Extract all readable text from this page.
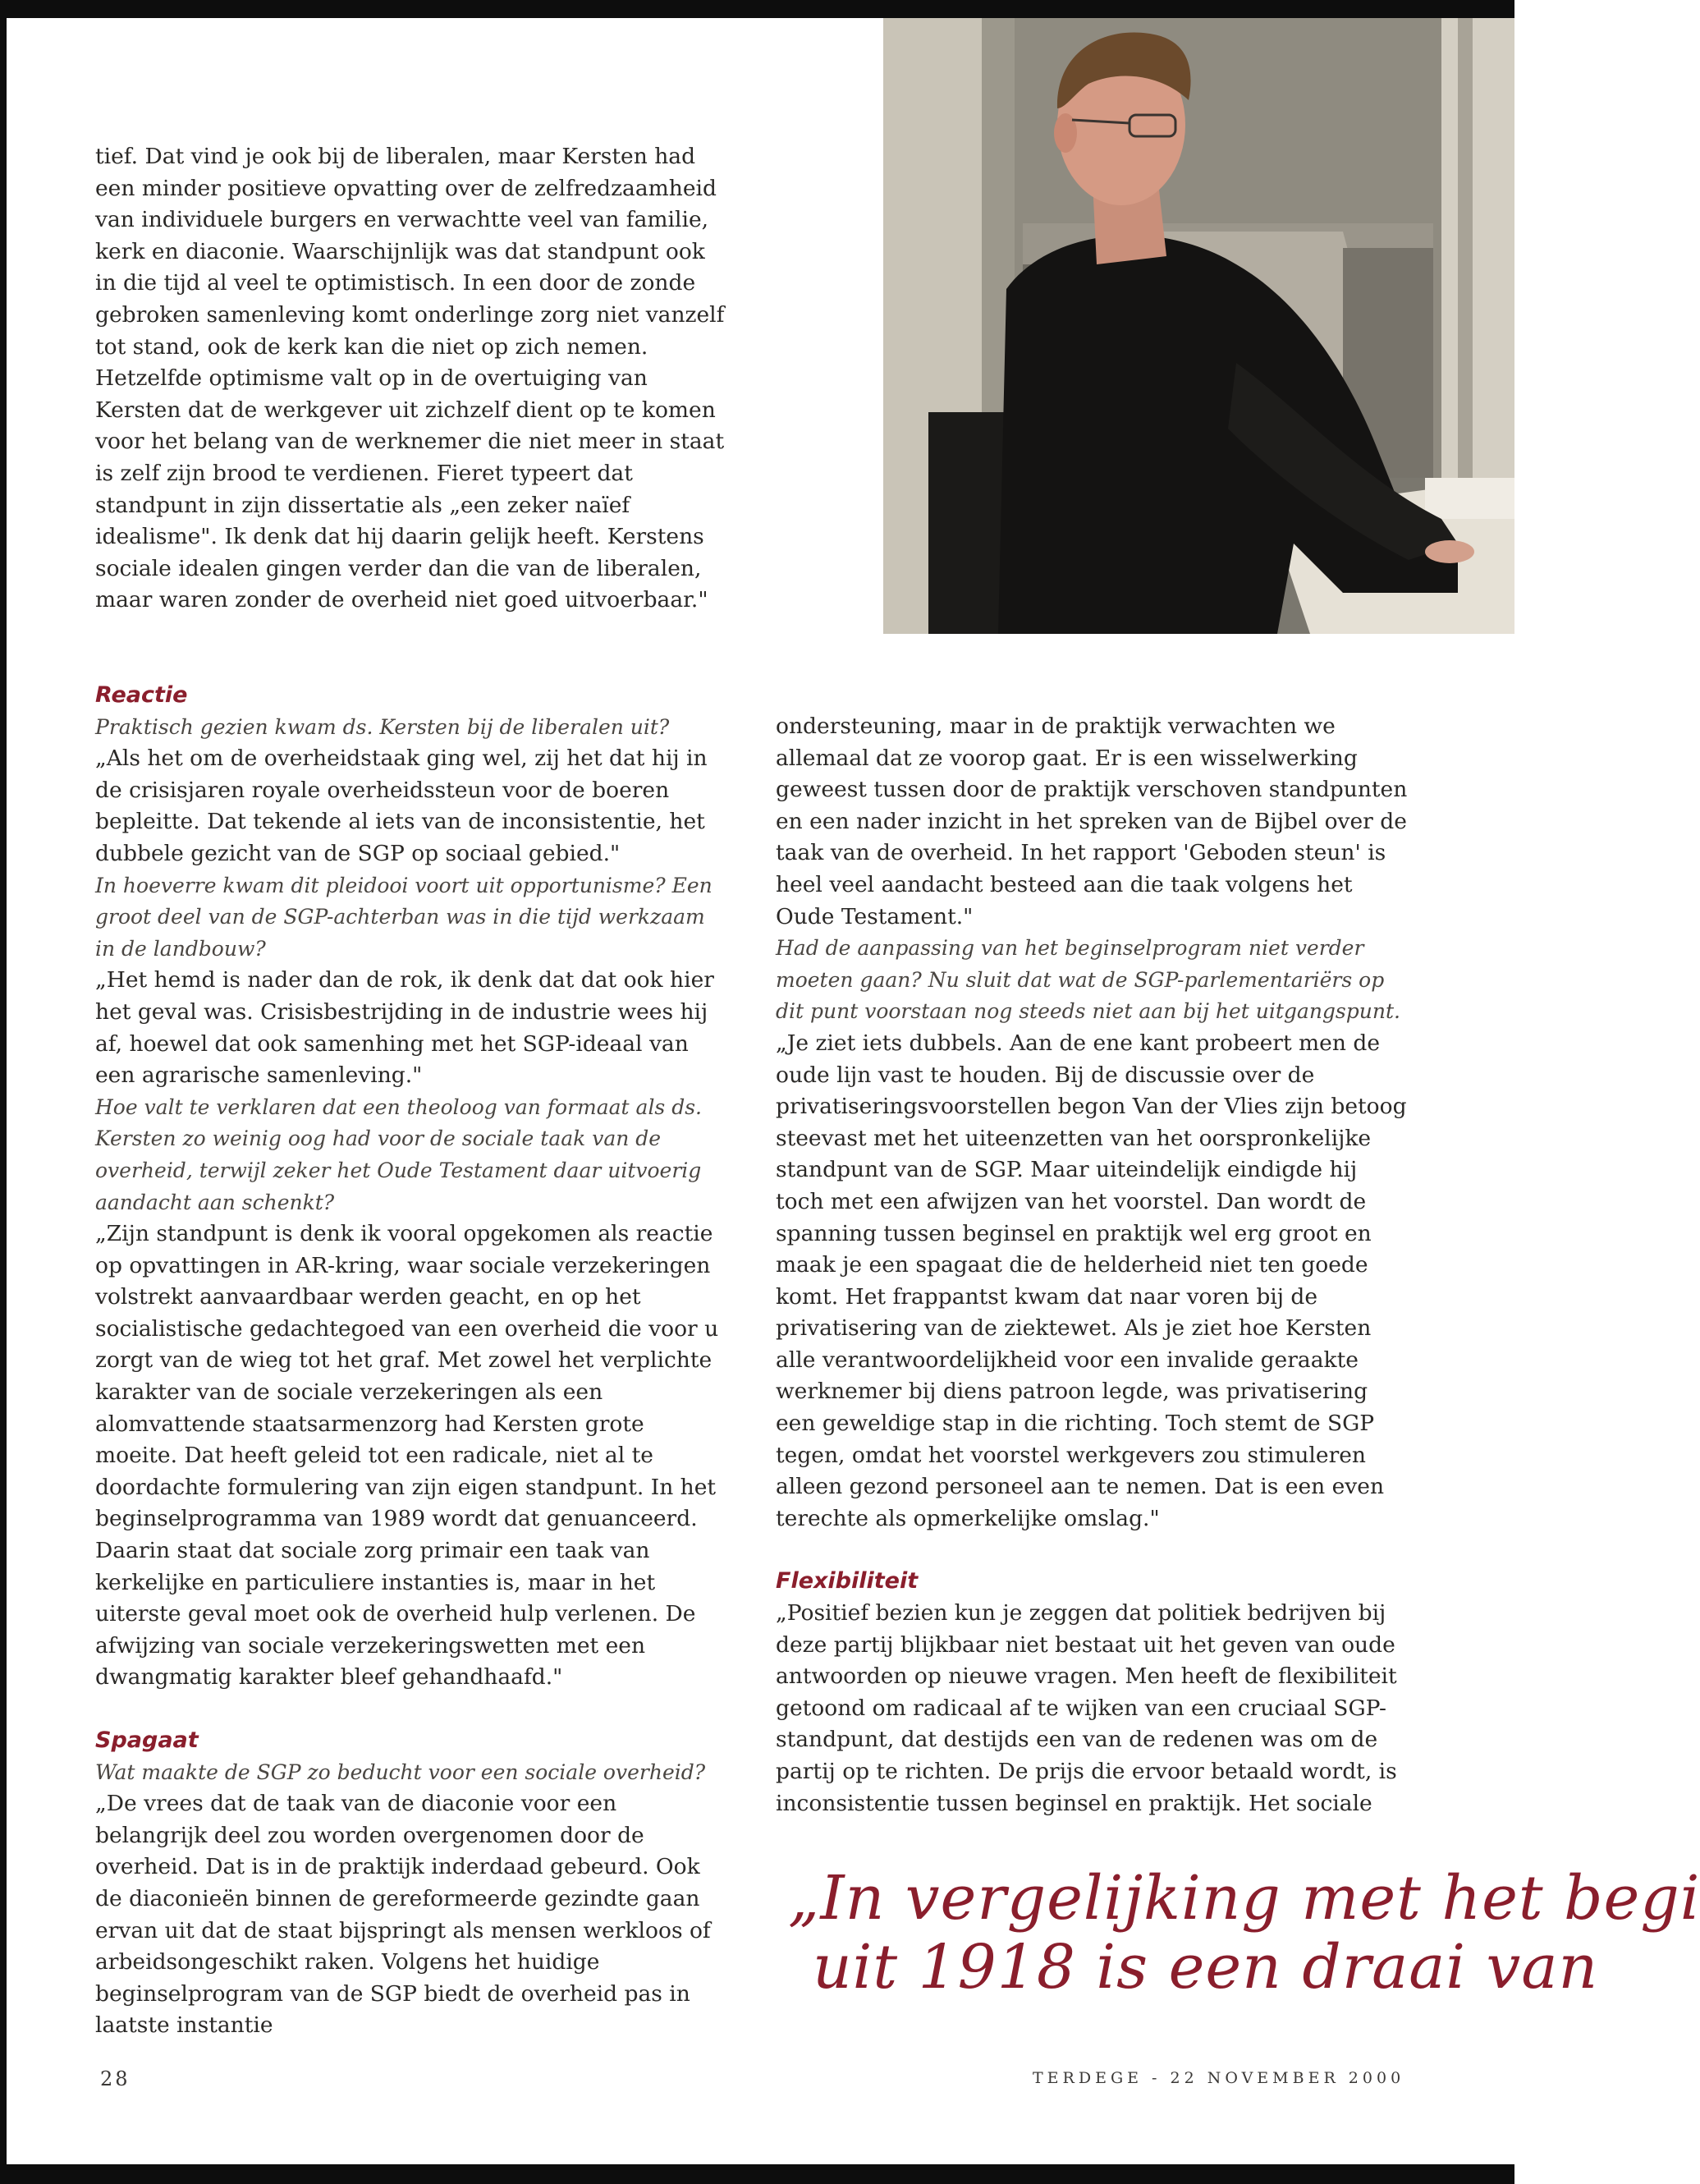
tief. Dat vind je ook bij de liberalen, maar Kersten had een minder positieve opvatting over de zelfredzaamheid van individuele burgers en verwachtte veel van familie, kerk en diaconie. Waarschijnlijk was dat standpunt ook in die tijd al veel te optimistisch. In een door de zonde gebroken samenleving komt onderlinge zorg niet vanzelf tot stand, ook de kerk kan die niet op zich nemen. Hetzelfde optimisme valt op in de overtuiging van Kersten dat de werkgever uit zichzelf dient op te komen voor het belang van de werknemer die niet meer in staat is zelf zijn brood te verdienen. Fieret typeert dat standpunt in zijn dissertatie als „een zeker naïef idealisme". Ik denk dat hij daarin gelijk heeft. Kerstens sociale idealen gingen verder dan die van de liberalen, maar waren zonder de overheid niet goed uitvoerbaar."

Reactie

Praktisch gezien kwam ds. Kersten bij de liberalen uit?

„Als het om de overheidstaak ging wel, zij het dat hij in de crisisjaren royale overheidssteun voor de boeren bepleitte. Dat tekende al iets van de inconsistentie, het dubbele gezicht van de SGP op sociaal gebied."

In hoeverre kwam dit pleidooi voort uit opportunisme? Een groot deel van de SGP-achterban was in die tijd werkzaam in de landbouw?

„Het hemd is nader dan de rok, ik denk dat dat ook hier het geval was. Crisisbestrijding in de industrie wees hij af, hoewel dat ook samenhing met het SGP-ideaal van een agrarische samenleving."

Hoe valt te verklaren dat een theoloog van formaat als ds. Kersten zo weinig oog had voor de sociale taak van de overheid, terwijl zeker het Oude Testament daar uitvoerig aandacht aan schenkt?

„Zijn standpunt is denk ik vooral opgekomen als reactie op opvattingen in AR-kring, waar sociale verzekeringen volstrekt aanvaardbaar werden geacht, en op het socialistische gedachtegoed van een overheid die voor u zorgt van de wieg tot het graf. Met zowel het verplichte karakter van de sociale verzekeringen als een alomvattende staatsarmenzorg had Kersten grote moeite. Dat heeft geleid tot een radicale, niet al te doordachte formulering van zijn eigen standpunt. In het beginselprogramma van 1989 wordt dat genuanceerd. Daarin staat dat sociale zorg primair een taak van kerkelijke en particuliere instanties is, maar in het uiterste geval moet ook de overheid hulp verlenen. De afwijzing van sociale verzekeringswetten met een dwangmatig karakter bleef gehandhaafd."

Spagaat

Wat maakte de SGP zo beducht voor een sociale overheid?

„De vrees dat de taak van de diaconie voor een belangrijk deel zou worden overgenomen door de overheid. Dat is in de praktijk inderdaad gebeurd. Ook de diaconieën binnen de gereformeerde gezindte gaan ervan uit dat de staat bijspringt als mensen werkloos of arbeidsongeschikt raken. Volgens het huidige beginselprogram van de SGP biedt de overheid pas in laatste instantie

ondersteuning, maar in de praktijk verwachten we allemaal dat ze voorop gaat. Er is een wisselwerking geweest tussen door de praktijk verschoven standpunten en een nader inzicht in het spreken van de Bijbel over de taak van de overheid. In het rapport 'Geboden steun' is heel veel aandacht besteed aan die taak volgens het Oude Testament."

Had de aanpassing van het beginselprogram niet verder moeten gaan? Nu sluit dat wat de SGP-parlementariërs op dit punt voorstaan nog steeds niet aan bij het uitgangspunt.

„Je ziet iets dubbels. Aan de ene kant probeert men de oude lijn vast te houden. Bij de discussie over de privatiseringsvoorstellen begon Van der Vlies zijn betoog steevast met het uiteenzetten van het oorspronkelijke standpunt van de SGP. Maar uiteindelijk eindigde hij toch met een afwijzen van het voorstel. Dan wordt de spanning tussen beginsel en praktijk wel erg groot en maak je een spagaat die de helderheid niet ten goede komt. Het frappantst kwam dat naar voren bij de privatisering van de ziektewet. Als je ziet hoe Kersten alle verantwoordelijkheid voor een invalide geraakte werknemer bij diens patroon legde, was privatisering een geweldige stap in die richting. Toch stemt de SGP tegen, omdat het voorstel werkgevers zou stimuleren alleen gezond personeel aan te nemen. Dat is een even terechte als opmerkelijke omslag."

Flexibiliteit

„Positief bezien kun je zeggen dat politiek bedrijven bij deze partij blijkbaar niet bestaat uit het geven van oude antwoorden op nieuwe vragen. Men heeft de flexibiliteit getoond om radicaal af te wijken van een cruciaal SGP-standpunt, dat destijds een van de redenen was om de partij op te richten. De prijs die ervoor betaald wordt, is inconsistentie tussen beginsel en praktijk. Het sociale

„In vergelijking met het begi
uit 1918 is een draai van
28	TERDEGE - 22 NOVEMBER 2000
